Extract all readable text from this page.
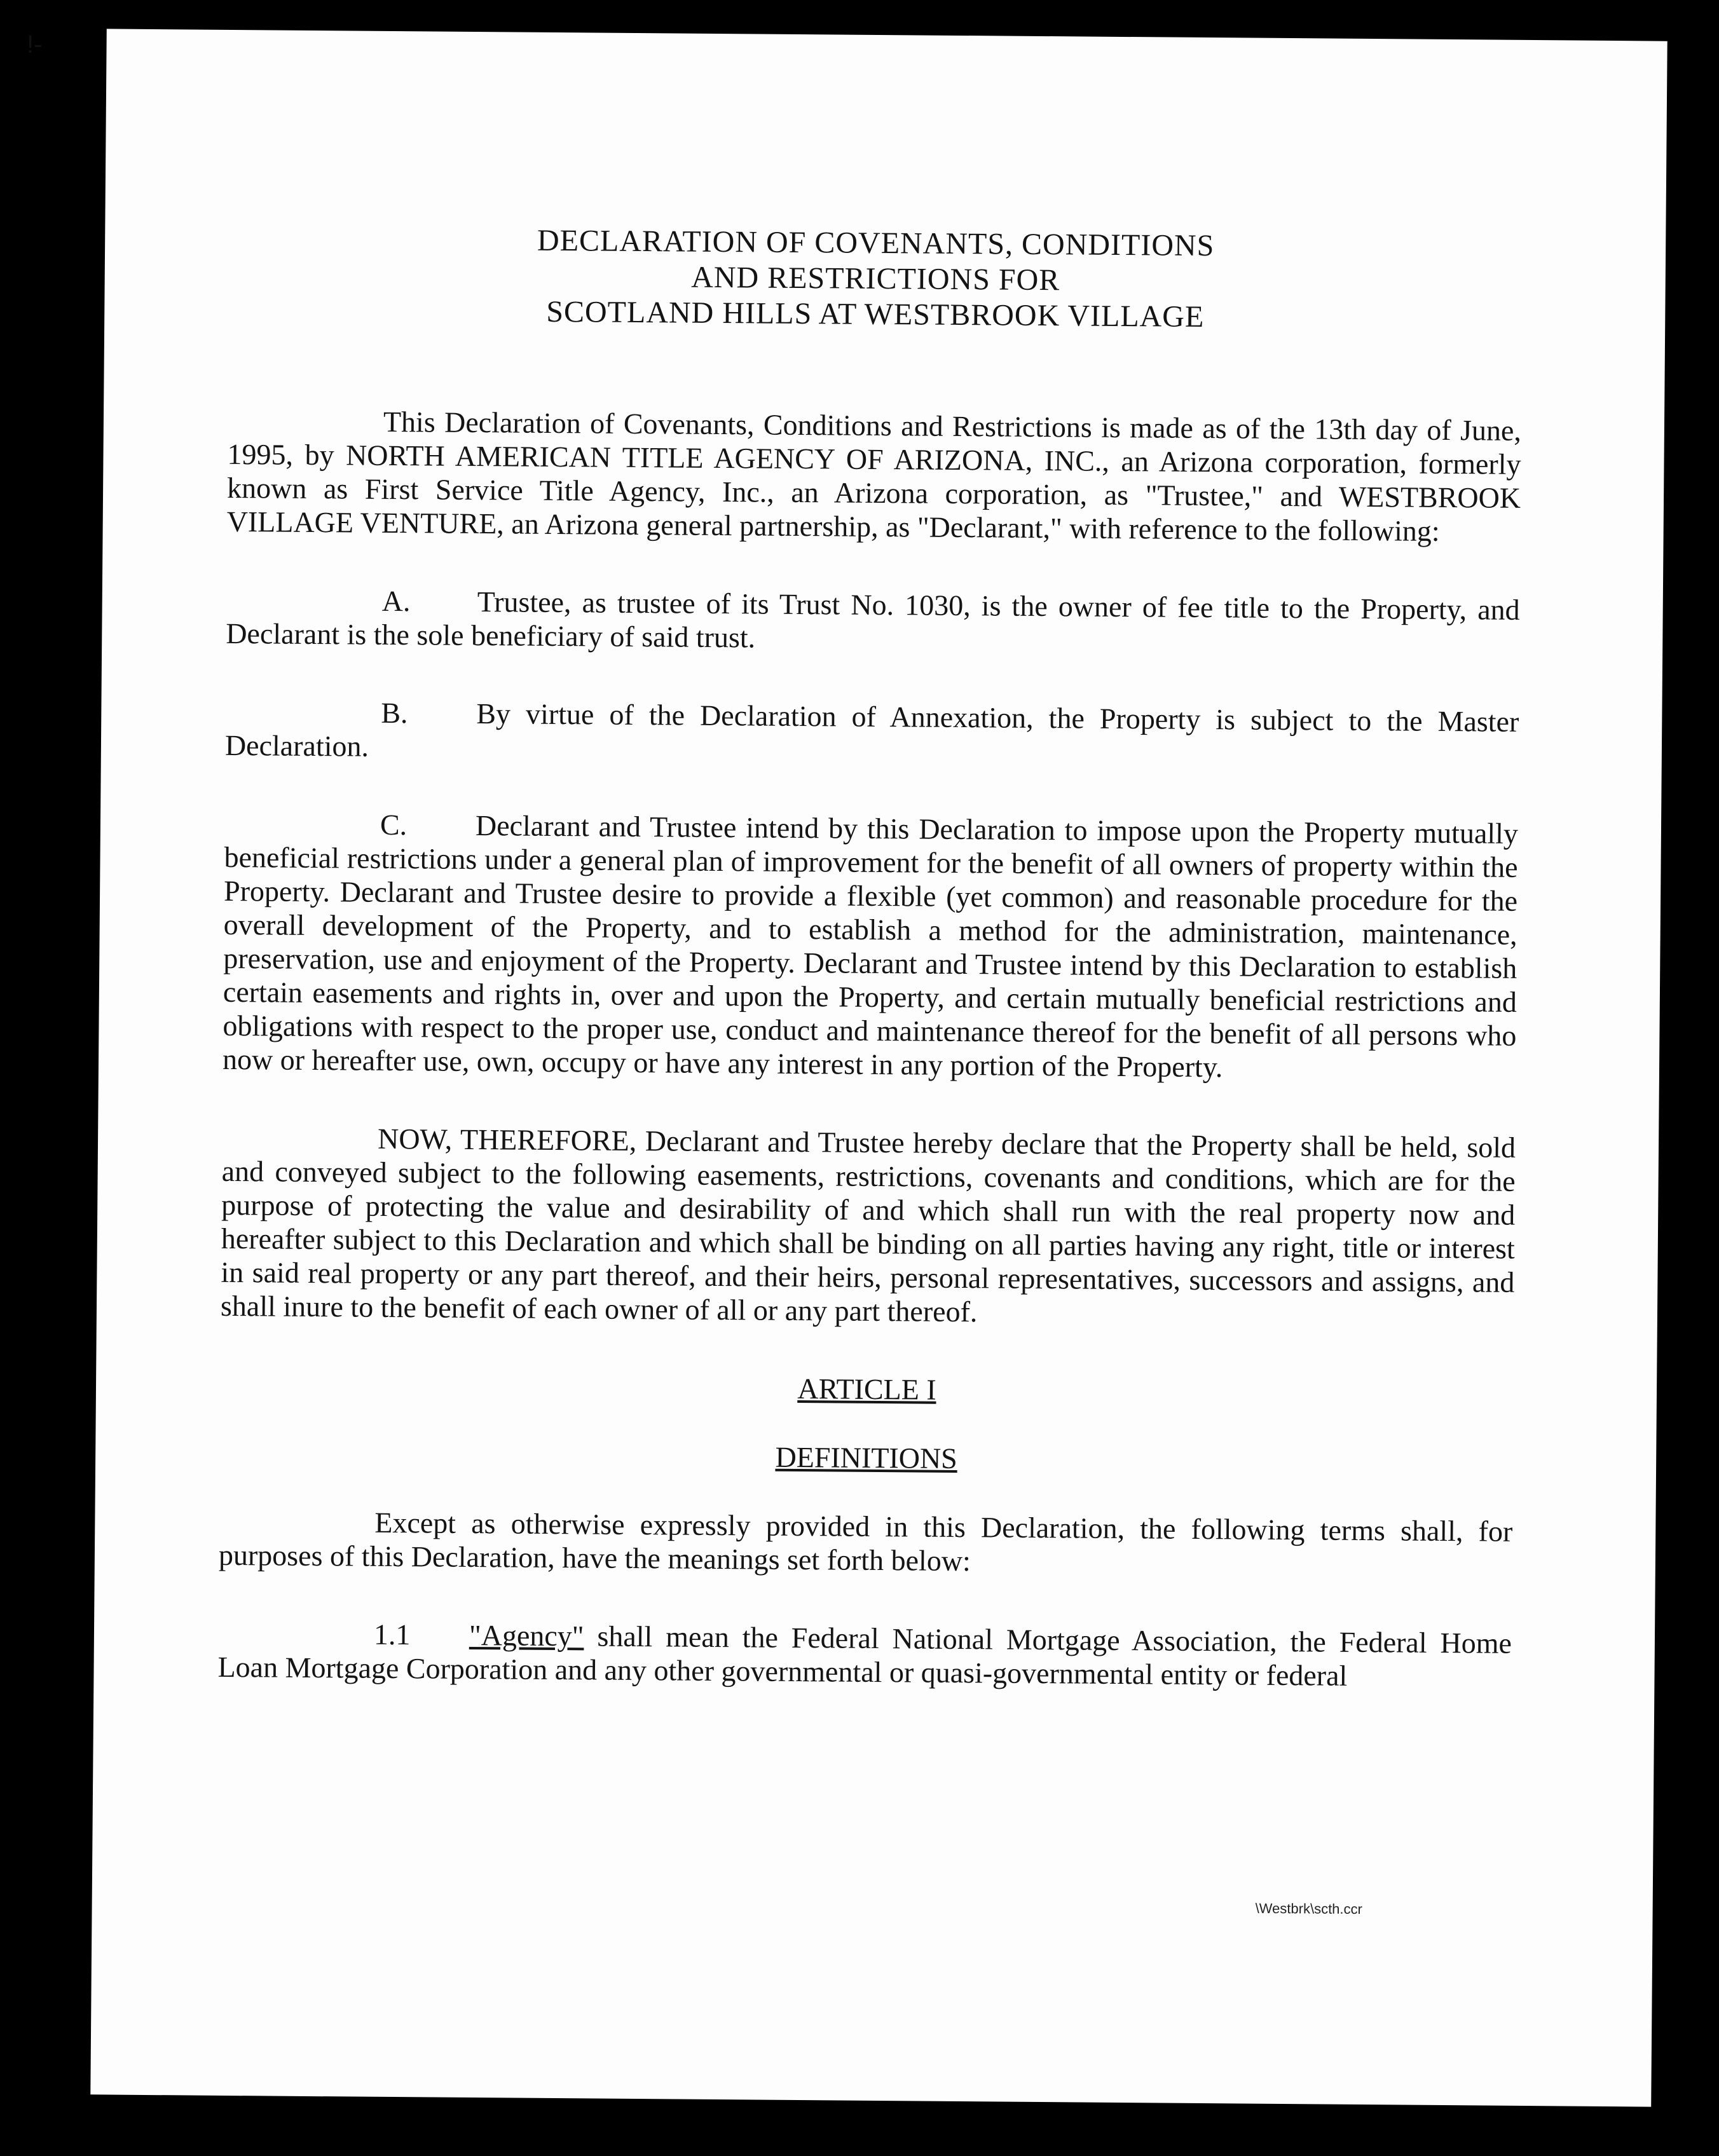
!-
DECLARATION OF COVENANTS, CONDITIONS
AND RESTRICTIONS FOR
SCOTLAND HILLS AT WESTBROOK VILLAGE

This Declaration of Covenants, Conditions and Restrictions is made as of the 13th day of June, 1995, by NORTH AMERICAN TITLE AGENCY OF ARIZONA, INC., an Arizona corporation, formerly known as First Service Title Agency, Inc., an Arizona corporation, as "Trustee," and WESTBROOK VILLAGE VENTURE, an Arizona general partnership, as "Declarant," with reference to the following:

A. Trustee, as trustee of its Trust No. 1030, is the owner of fee title to the Property, and Declarant is the sole beneficiary of said trust.

B. By virtue of the Declaration of Annexation, the Property is subject to the Master Declaration.

C. Declarant and Trustee intend by this Declaration to impose upon the Property mutually beneficial restrictions under a general plan of improvement for the benefit of all owners of property within the Property. Declarant and Trustee desire to provide a flexible (yet common) and reasonable procedure for the overall development of the Property, and to establish a method for the administration, maintenance, preservation, use and enjoyment of the Property. Declarant and Trustee intend by this Declaration to establish certain easements and rights in, over and upon the Property, and certain mutually beneficial restrictions and obligations with respect to the proper use, conduct and maintenance thereof for the benefit of all persons who now or hereafter use, own, occupy or have any interest in any portion of the Property.

NOW, THEREFORE, Declarant and Trustee hereby declare that the Property shall be held, sold and conveyed subject to the following easements, restrictions, covenants and conditions, which are for the purpose of protecting the value and desirability of and which shall run with the real property now and hereafter subject to this Declaration and which shall be binding on all parties having any right, title or interest in said real property or any part thereof, and their heirs, personal representatives, successors and assigns, and shall inure to the benefit of each owner of all or any part thereof.

ARTICLE I
DEFINITIONS

Except as otherwise expressly provided in this Declaration, the following terms shall, for purposes of this Declaration, have the meanings set forth below:

1.1 "Agency" shall mean the Federal National Mortgage Association, the Federal Home Loan Mortgage Corporation and any other governmental or quasi-governmental entity or federal

\Westbrk\scth.ccr
